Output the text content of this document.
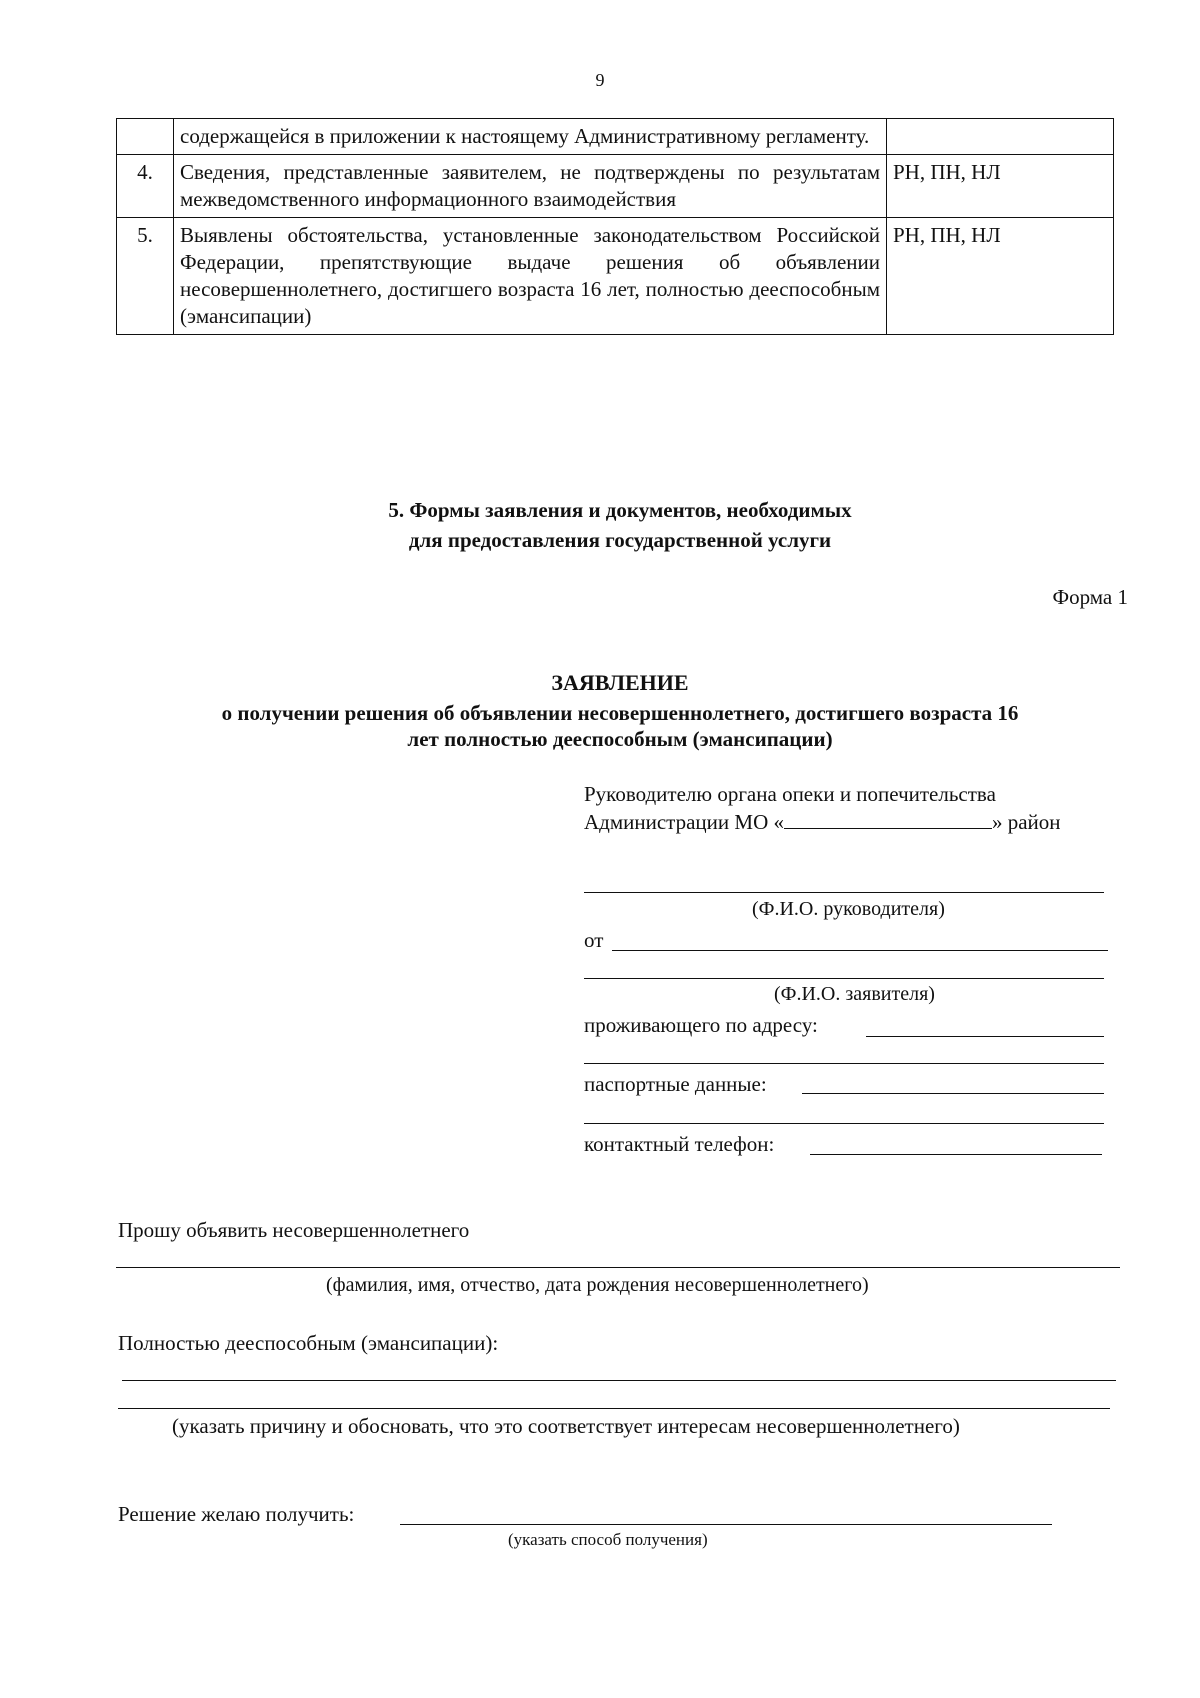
9
	содержащейся в приложении к настоящему Административному регламенту.	
4.	Сведения, представленные заявителем, не подтверждены по результатам межведомственного информационного взаимодействия	РН, ПН, НЛ
5.	Выявлены обстоятельства, установленные законодательством Российской Федерации, препятствующие выдаче решения об объявлении несовершеннолетнего, достигшего возраста 16 лет, полностью дееспособным (эмансипации)	РН, ПН, НЛ
5. Формы заявления и документов, необходимых
для предоставления государственной услуги
Форма 1
ЗАЯВЛЕНИЕ
о получении решения об объявлении несовершеннолетнего, достигшего возраста 16
лет полностью дееспособным (эмансипации)
Руководителю органа опеки и попечительства
Администрации МО «	» район
(Ф.И.О. руководителя)
от
(Ф.И.О. заявителя)
проживающего по адресу:
паспортные данные:
контактный телефон:
Прошу объявить несовершеннолетнего
(фамилия, имя, отчество, дата рождения несовершеннолетнего)
Полностью дееспособным (эмансипации):
(указать причину и обосновать, что это соответствует интересам несовершеннолетнего)
Решение желаю получить:
(указать способ получения)
